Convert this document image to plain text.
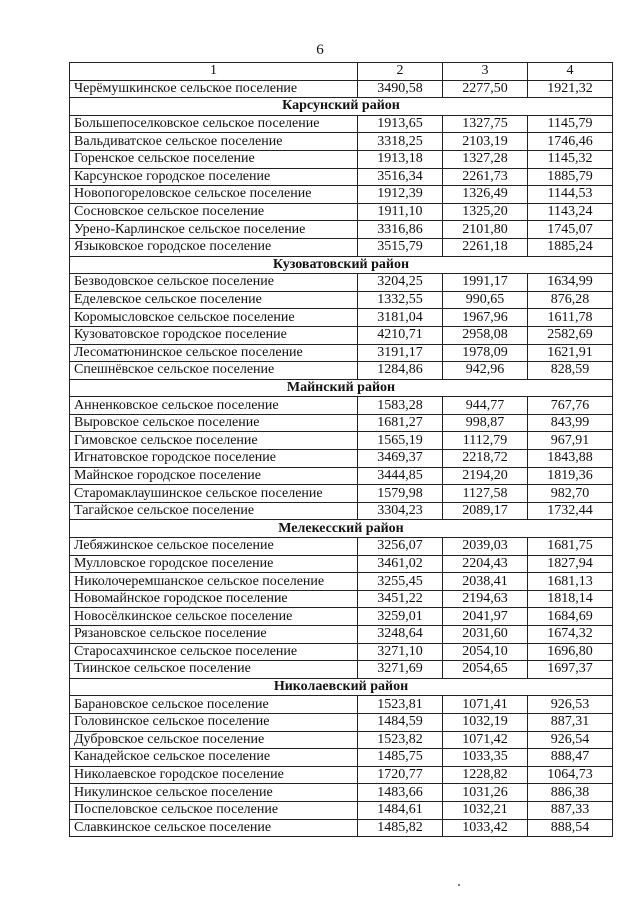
6
1	2	3	4
Черёмушкинское сельское поселение	3490,58	2277,50	1921,32
Карсунский район			
Большепоселковское сельское поселение	1913,65	1327,75	1145,79
Вальдиватское сельское поселение	3318,25	2103,19	1746,46
Горенское сельское поселение	1913,18	1327,28	1145,32
Карсунское городское поселение	3516,34	2261,73	1885,79
Новопогореловское сельское поселение	1912,39	1326,49	1144,53
Сосновское сельское поселение	1911,10	1325,20	1143,24
Урено-Карлинское сельское поселение	3316,86	2101,80	1745,07
Языковское городское поселение	3515,79	2261,18	1885,24
Кузоватовский район			
Безводовское сельское поселение	3204,25	1991,17	1634,99
Еделевское сельское поселение	1332,55	990,65	876,28
Коромысловское сельское поселение	3181,04	1967,96	1611,78
Кузоватовское городское поселение	4210,71	2958,08	2582,69
Лесоматюнинское сельское поселение	3191,17	1978,09	1621,91
Спешнёвское сельское поселение	1284,86	942,96	828,59
Майнский район			
Анненковское сельское поселение	1583,28	944,77	767,76
Выровское сельское поселение	1681,27	998,87	843,99
Гимовское сельское поселение	1565,19	1112,79	967,91
Игнатовское городское поселение	3469,37	2218,72	1843,88
Майнское городское поселение	3444,85	2194,20	1819,36
Старомаклаушинское сельское поселение	1579,98	1127,58	982,70
Тагайское сельское поселение	3304,23	2089,17	1732,44
Мелекесский район			
Лебяжинское сельское поселение	3256,07	2039,03	1681,75
Мулловское городское поселение	3461,02	2204,43	1827,94
Николочеремшанское сельское поселение	3255,45	2038,41	1681,13
Новомайнское городское поселение	3451,22	2194,63	1818,14
Новосёлкинское сельское поселение	3259,01	2041,97	1684,69
Рязановское сельское поселение	3248,64	2031,60	1674,32
Старосахчинское сельское поселение	3271,10	2054,10	1696,80
Тиинское сельское поселение	3271,69	2054,65	1697,37
Николаевский район			
Барановское сельское поселение	1523,81	1071,41	926,53
Головинское сельское поселение	1484,59	1032,19	887,31
Дубровское сельское поселение	1523,82	1071,42	926,54
Канадейское сельское поселение	1485,75	1033,35	888,47
Николаевское городское поселение	1720,77	1228,82	1064,73
Никулинское сельское поселение	1483,66	1031,26	886,38
Поспеловское сельское поселение	1484,61	1032,21	887,33
Славкинское сельское поселение	1485,82	1033,42	888,54
